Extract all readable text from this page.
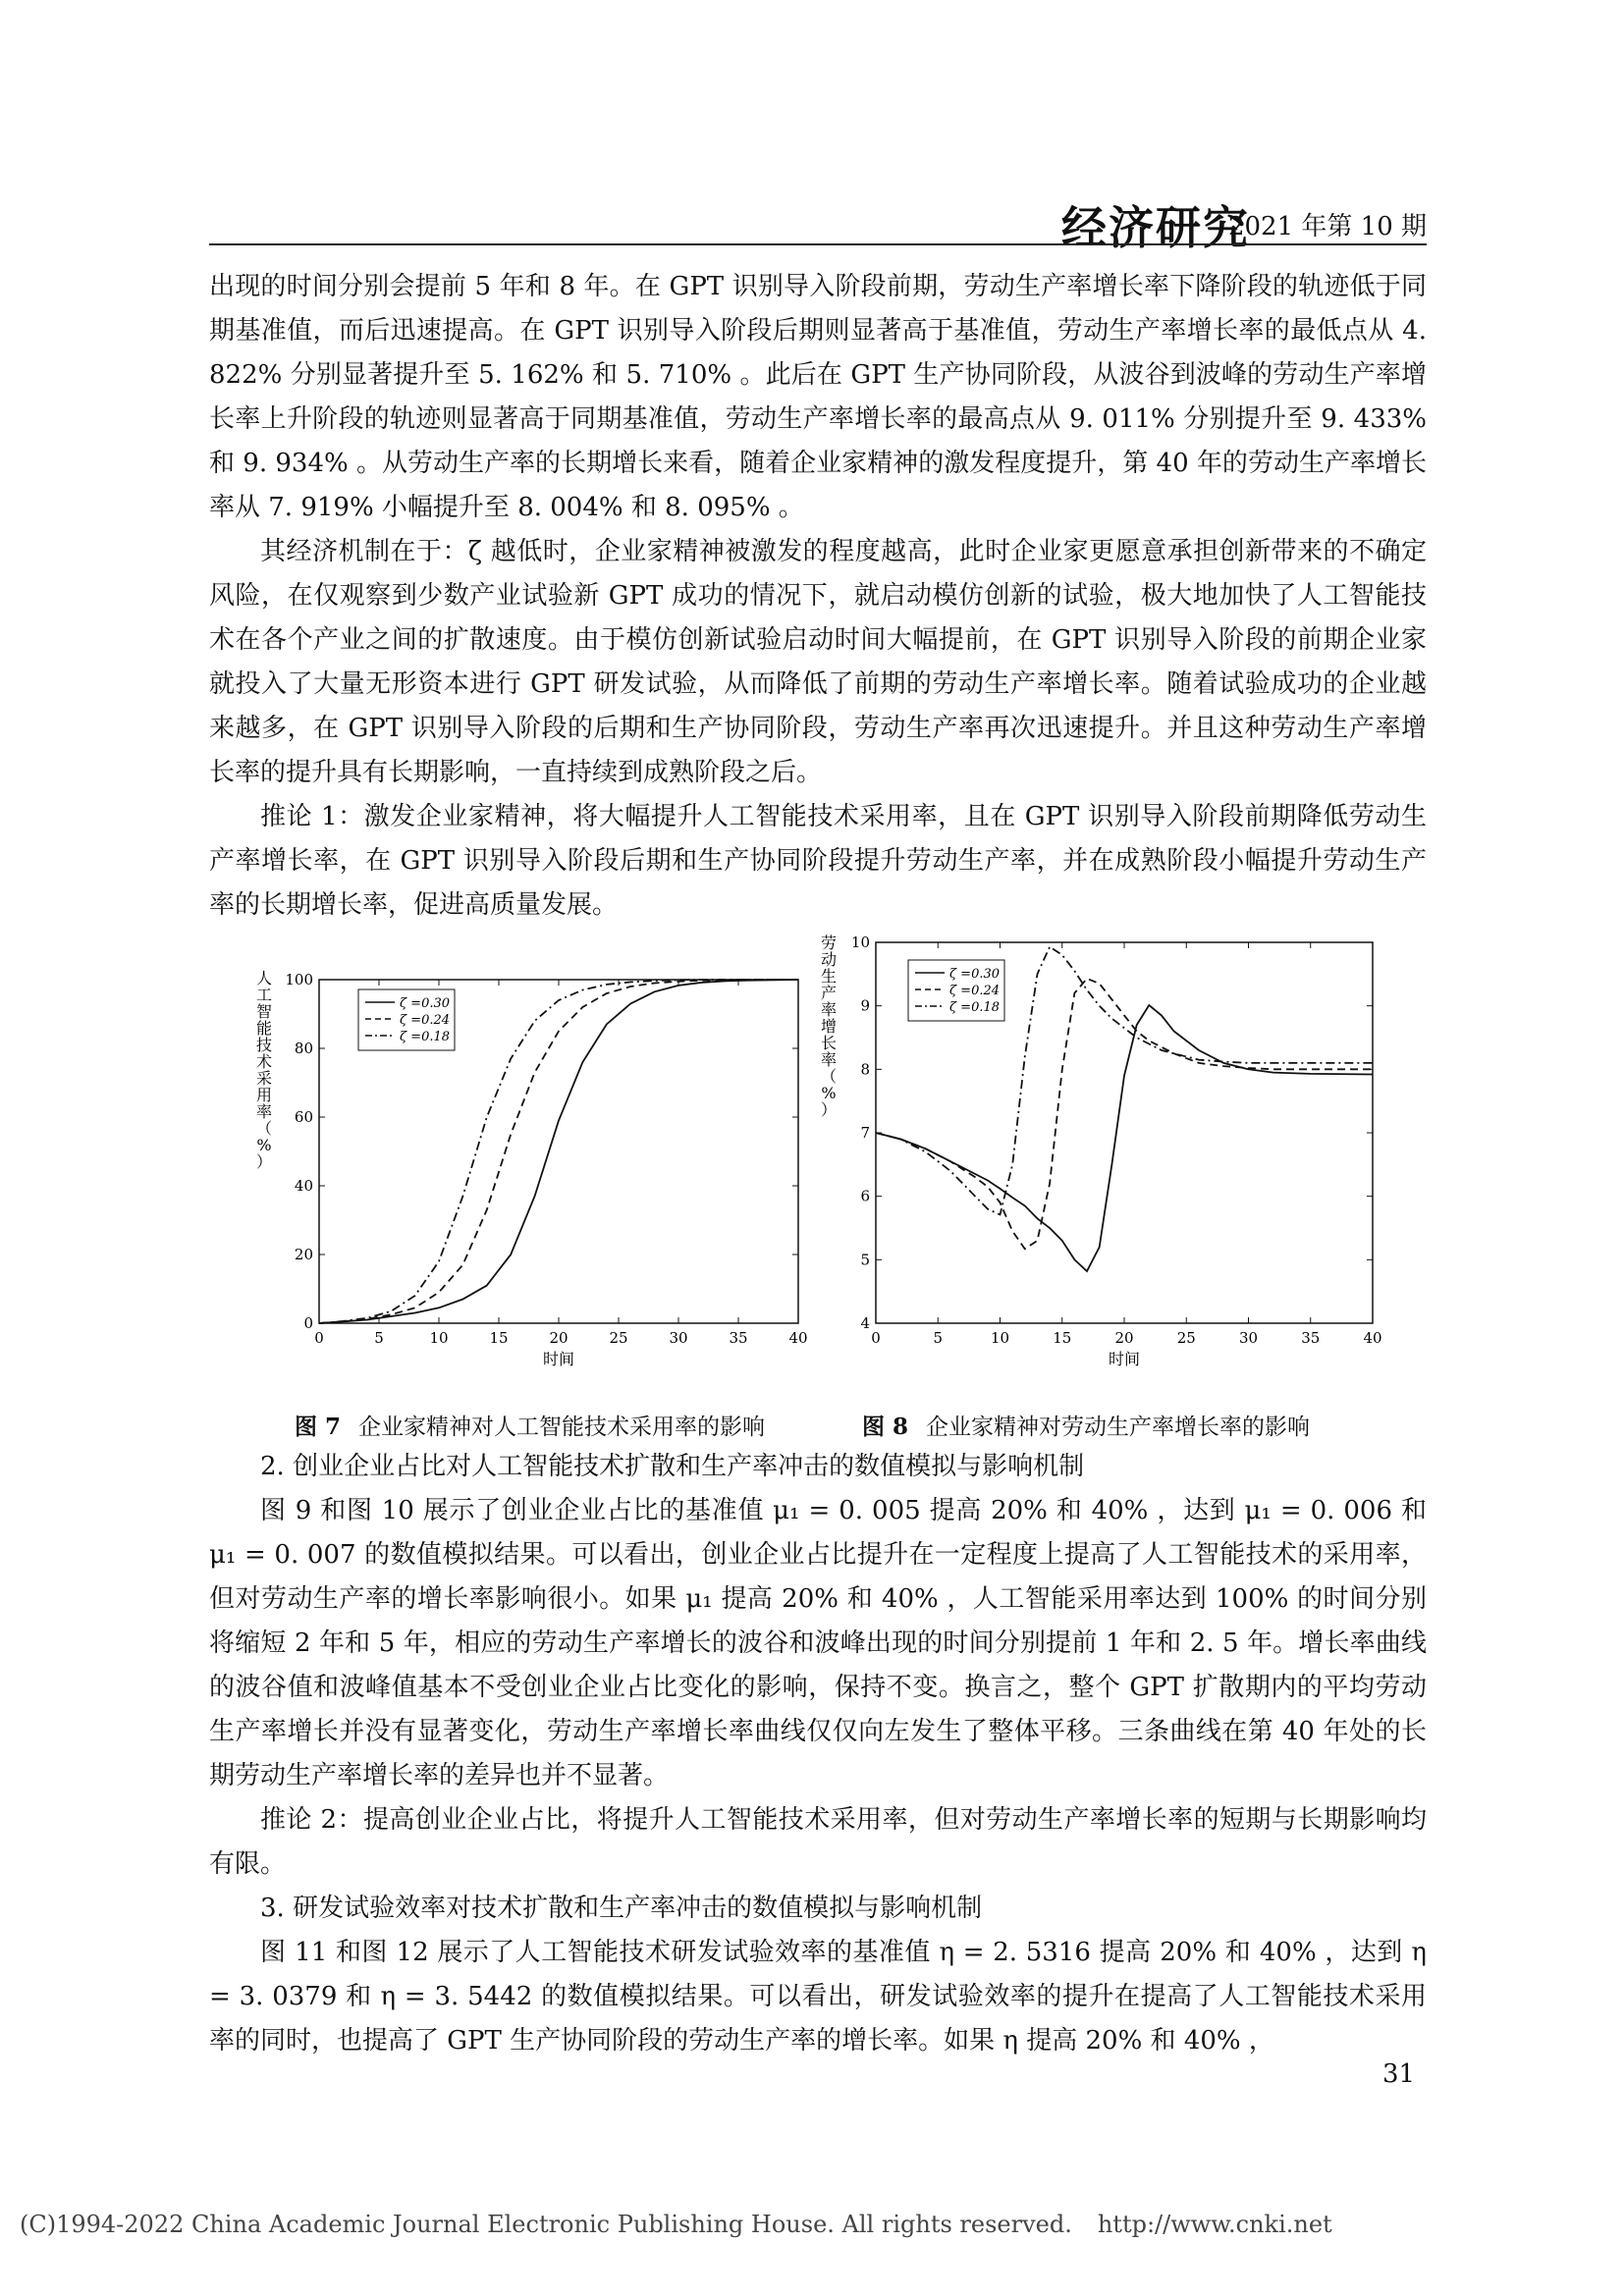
经济研究
2021 年第 10 期

出现的时间分别会提前 5 年和 8 年。在 GPT 识别导入阶段前期，劳动生产率增长率下降阶段的轨迹低于同期基准值，而后迅速提高。在 GPT 识别导入阶段后期则显著高于基准值，劳动生产率增长率的最低点从 4. 822% 分别显著提升至 5. 162% 和 5. 710% 。此后在 GPT 生产协同阶段，从波谷到波峰的劳动生产率增长率上升阶段的轨迹则显著高于同期基准值，劳动生产率增长率的最高点从 9. 011% 分别提升至 9. 433% 和 9. 934% 。从劳动生产率的长期增长来看，随着企业家精神的激发程度提升，第 40 年的劳动生产率增长率从 7. 919% 小幅提升至 8. 004% 和 8. 095% 。

其经济机制在于：ζ 越低时，企业家精神被激发的程度越高，此时企业家更愿意承担创新带来的不确定风险，在仅观察到少数产业试验新 GPT 成功的情况下，就启动模仿创新的试验，极大地加快了人工智能技术在各个产业之间的扩散速度。由于模仿创新试验启动时间大幅提前，在 GPT 识别导入阶段的前期企业家就投入了大量无形资本进行 GPT 研发试验，从而降低了前期的劳动生产率增长率。随着试验成功的企业越来越多，在 GPT 识别导入阶段的后期和生产协同阶段，劳动生产率再次迅速提升。并且这种劳动生产率增长率的提升具有长期影响，一直持续到成熟阶段之后。

推论 1：激发企业家精神，将大幅提升人工智能技术采用率，且在 GPT 识别导入阶段前期降低劳动生产率增长率，在 GPT 识别导入阶段后期和生产协同阶段提升劳动生产率，并在成熟阶段小幅提升劳动生产率的长期增长率，促进高质量发展。

0	5	10	15	20	25	30	35	40
0
20
40
60
80
100
时间
人工智能技术采用率（%）
ζ =0.30
ζ =0.24
ζ =0.18
0	5	10	15	20	25	30	35	40
4
5
6
7
8
9
10
时间
劳动生产率增长率（%）
ζ =0.30
ζ =0.24
ζ =0.18
图 7 企业家精神对人工智能技术采用率的影响	图 8 企业家精神对劳动生产率增长率的影响

2. 创业企业占比对人工智能技术扩散和生产率冲击的数值模拟与影响机制

图 9 和图 10 展示了创业企业占比的基准值 μ₁ = 0. 005 提高 20% 和 40% ，达到 μ₁ = 0. 006 和 μ₁ = 0. 007 的数值模拟结果。可以看出，创业企业占比提升在一定程度上提高了人工智能技术的采用率，但对劳动生产率的增长率影响很小。如果 μ₁ 提高 20% 和 40% ，人工智能采用率达到 100% 的时间分别将缩短 2 年和 5 年，相应的劳动生产率增长的波谷和波峰出现的时间分别提前 1 年和 2. 5 年。增长率曲线的波谷值和波峰值基本不受创业企业占比变化的影响，保持不变。换言之，整个 GPT 扩散期内的平均劳动生产率增长并没有显著变化，劳动生产率增长率曲线仅仅向左发生了整体平移。三条曲线在第 40 年处的长期劳动生产率增长率的差异也并不显著。

推论 2：提高创业企业占比，将提升人工智能技术采用率，但对劳动生产率增长率的短期与长期影响均有限。

3. 研发试验效率对技术扩散和生产率冲击的数值模拟与影响机制

图 11 和图 12 展示了人工智能技术研发试验效率的基准值 η = 2. 5316 提高 20% 和 40% ，达到 η = 3. 0379 和 η = 3. 5442 的数值模拟结果。可以看出，研发试验效率的提升在提高了人工智能技术采用率的同时，也提高了 GPT 生产协同阶段的劳动生产率的增长率。如果 η 提高 20% 和 40% ，

31
(C)1994-2022 China Academic Journal Electronic Publishing House. All rights reserved. http://www.cnki.net
